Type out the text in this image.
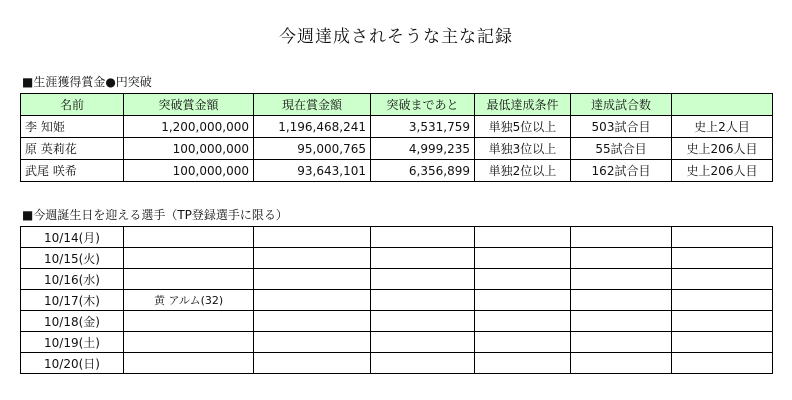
今週達成されそうな主な記録
■生涯獲得賞金●円突破
名前	突破賞金額	現在賞金額	突破まであと	最低達成条件	達成試合数	
李 知姫	1,200,000,000	1,196,468,241	3,531,759	単独5位以上	503試合目	史上2人目
原 英莉花	100,000,000	95,000,765	4,999,235	単独3位以上	55試合目	史上206人目
武尾 咲希	100,000,000	93,643,101	6,356,899	単独2位以上	162試合目	史上206人目
■今週誕生日を迎える選手（TP登録選手に限る）
10/14(月)						
10/15(火)						
10/16(水)						
10/17(木)	黄 アルム(32)					
10/18(金)						
10/19(土)						
10/20(日)						
